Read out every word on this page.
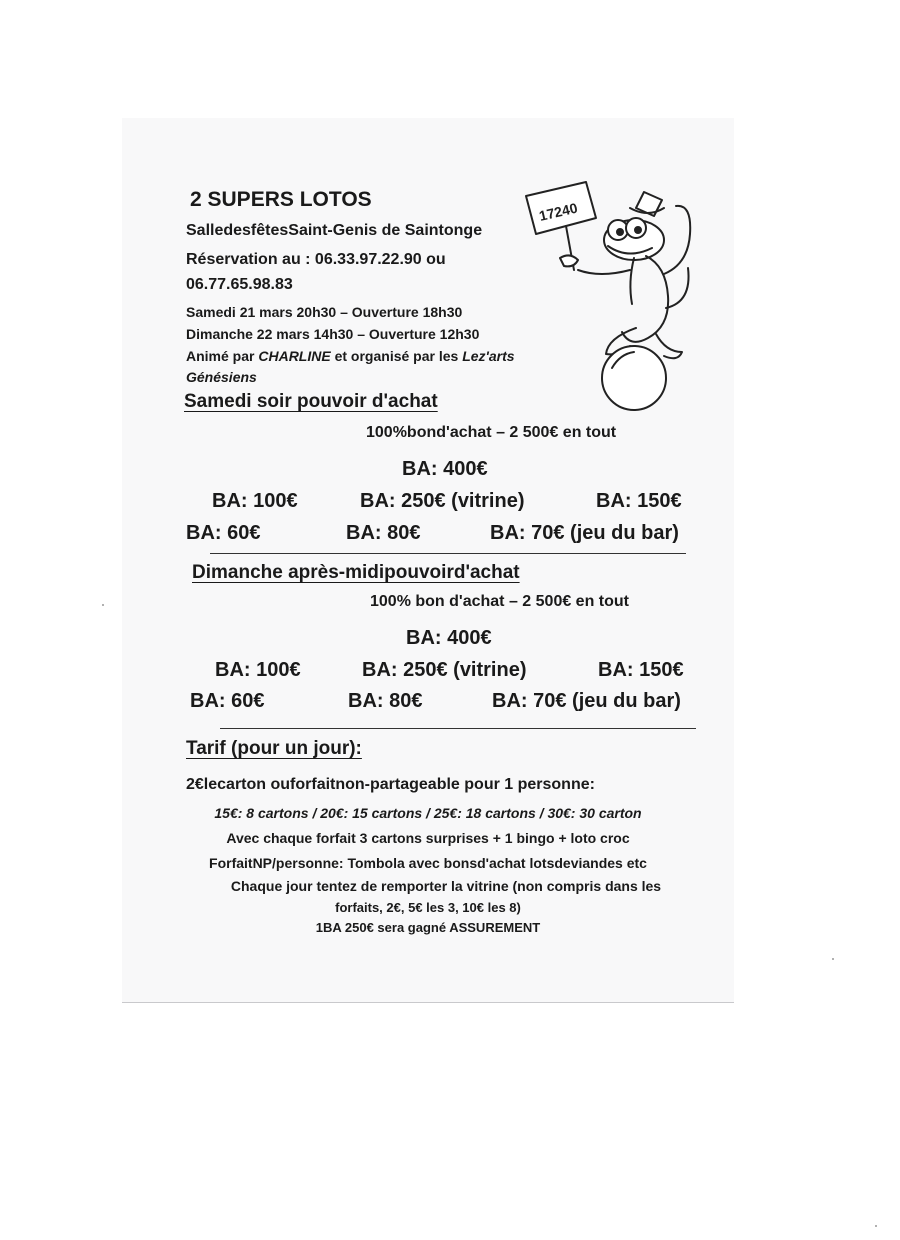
2 SUPERS LOTOS
SalledesfêtesSaint-Genis de Saintonge
Réservation au : 06.33.97.22.90 ou
06.77.65.98.83
Samedi 21 mars 20h30 – Ouverture 18h30
Dimanche 22 mars 14h30 – Ouverture 12h30
Animé par CHARLINE et organisé par les Lez'arts
Génésiens
17240
Samedi soir pouvoir d'achat
100%bond'achat – 2 500€ en tout
BA: 400€
BA: 100€	BA: 250€ (vitrine)	BA: 150€
BA: 60€	BA: 80€	BA: 70€ (jeu du bar)
Dimanche après-midipouvoird'achat
100% bon d'achat – 2 500€ en tout
BA: 400€
BA: 100€	BA: 250€ (vitrine)	BA: 150€
BA: 60€	BA: 80€	BA: 70€ (jeu du bar)
Tarif (pour un jour):
2€lecarton ouforfaitnon-partageable pour 1 personne:
15€: 8 cartons / 20€: 15 cartons / 25€: 18 cartons / 30€: 30 carton
Avec chaque forfait 3 cartons surprises + 1 bingo + loto croc
ForfaitNP/personne: Tombola avec bonsd'achat lotsdeviandes etc
Chaque jour tentez de remporter la vitrine (non compris dans les
forfaits, 2€, 5€ les 3, 10€ les 8)
1BA 250€ sera gagné ASSUREMENT
